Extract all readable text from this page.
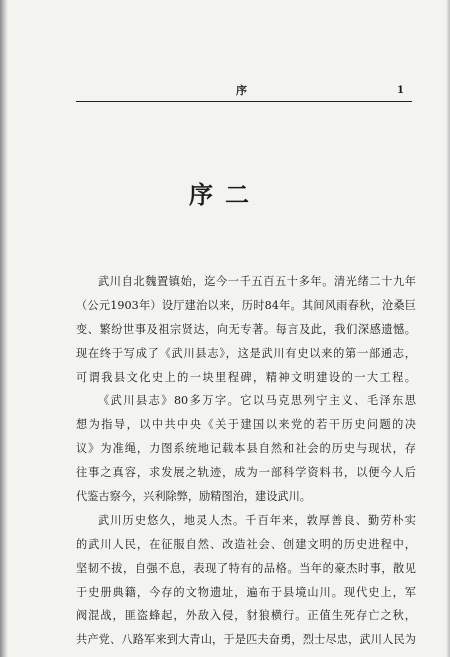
序	1
序二
武川自北魏置镇始，迄今一千五百五十多年。清光绪二十九年
（公元1903年）设厅建治以来，历时84年。其间风雨春秋，沧桑巨
变、繁纷世事及祖宗贤达，向无专著。每言及此，我们深感遗憾。
现在终于写成了《武川县志》，这是武川有史以来的第一部通志，
可谓我县文化史上的一块里程碑，精神文明建设的一大工程。
《武川县志》80多万字。它以马克思列宁主义、毛泽东思
想为指导，以中共中央《关于建国以来党的若干历史问题的决
议》为准绳，力图系统地记载本县自然和社会的历史与现状，存
往事之真容，求发展之轨迹，成为一部科学资料书，以便今人后
代鉴古察今，兴利除弊，励精图治，建设武川。
武川历史悠久，地灵人杰。千百年来，敦厚善良、勤劳朴实
的武川人民，在征服自然、改造社会、创建文明的历史进程中，
坚韧不拔，自强不息，表现了特有的品格。当年的豪杰时事，散见
于史册典籍，今存的文物遗址，遍布于县境山川。现代史上，军
阀混战，匪盗蜂起，外敌入侵，豺狼横行。正值生死存亡之秋，
共产党、八路军来到大青山，于是匹夫奋勇，烈士尽忠，武川人民为
